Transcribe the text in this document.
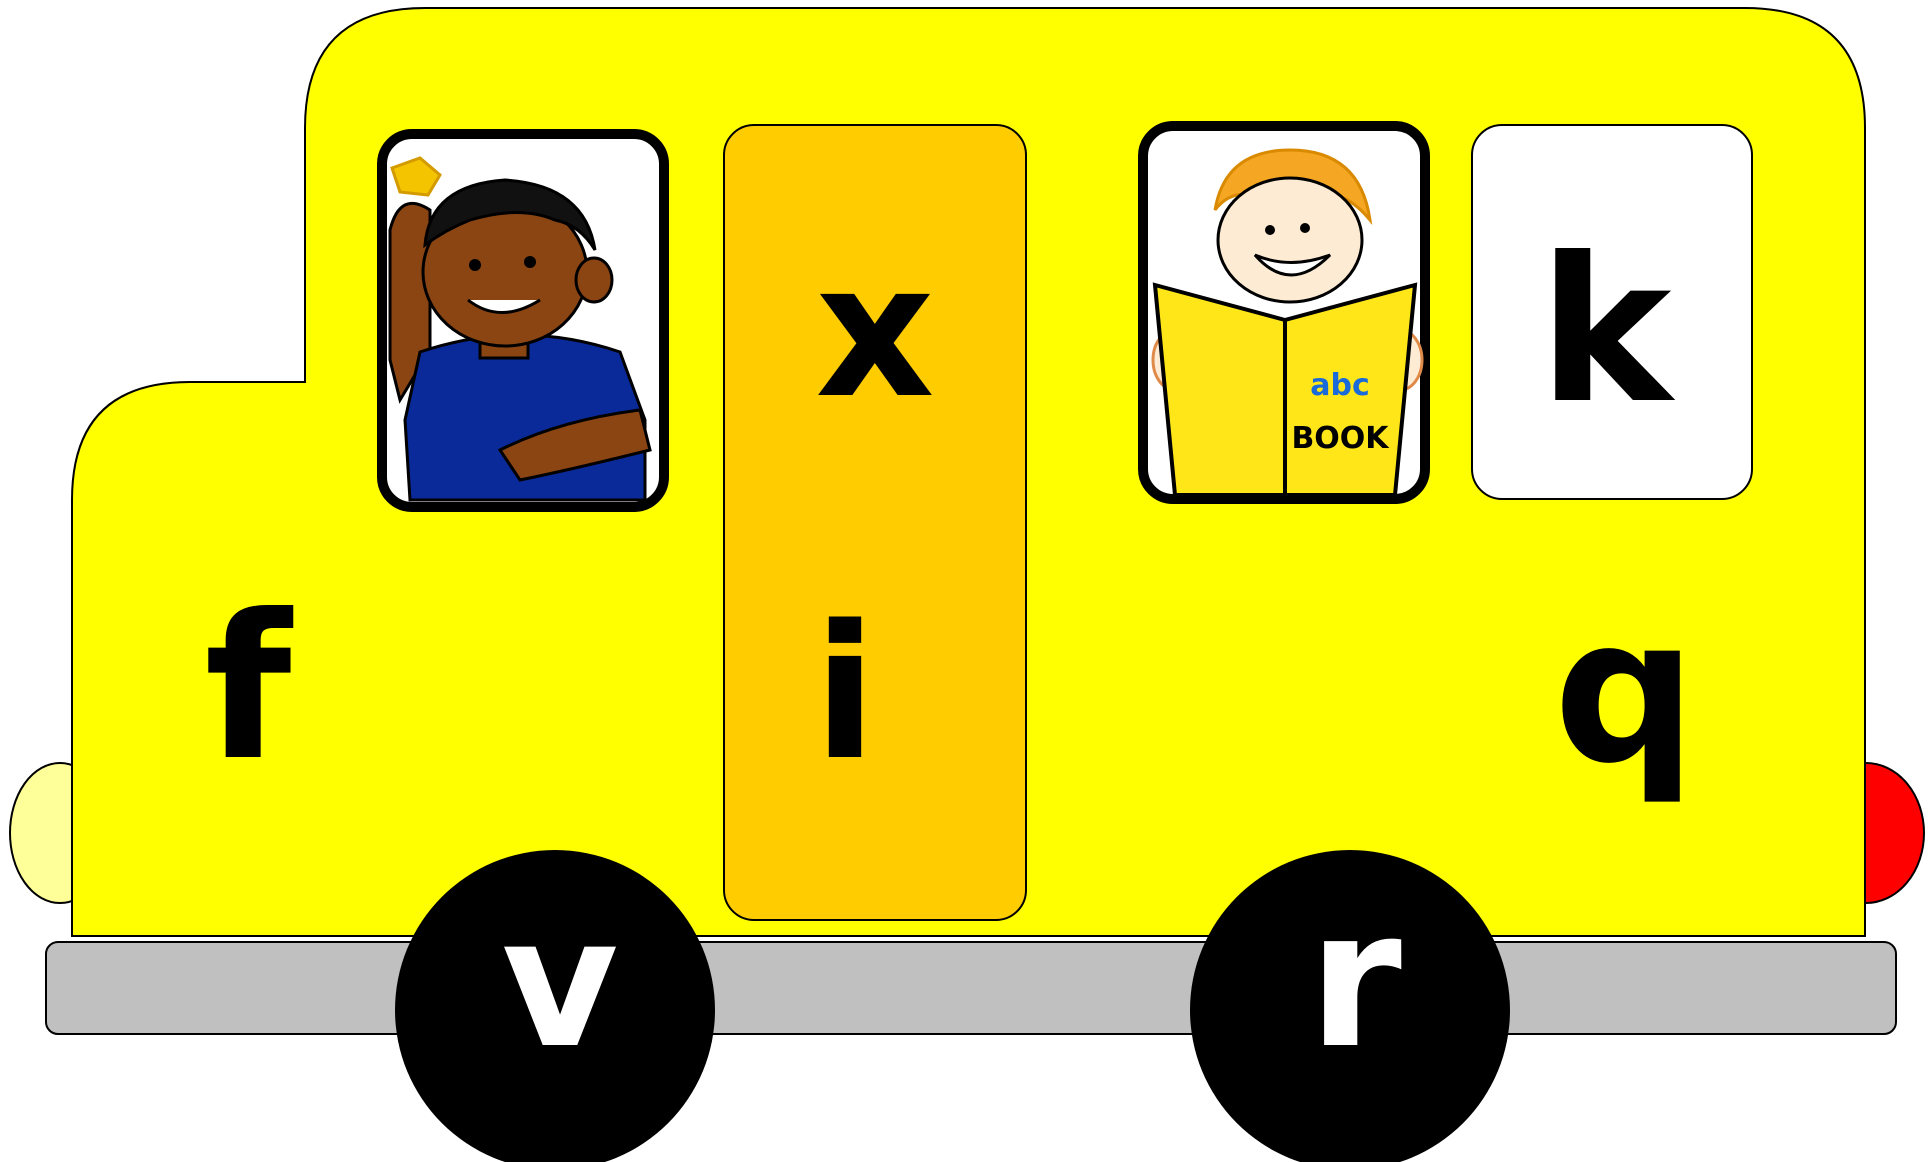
abc
BOOK
x
i
k
f	q
v	r
